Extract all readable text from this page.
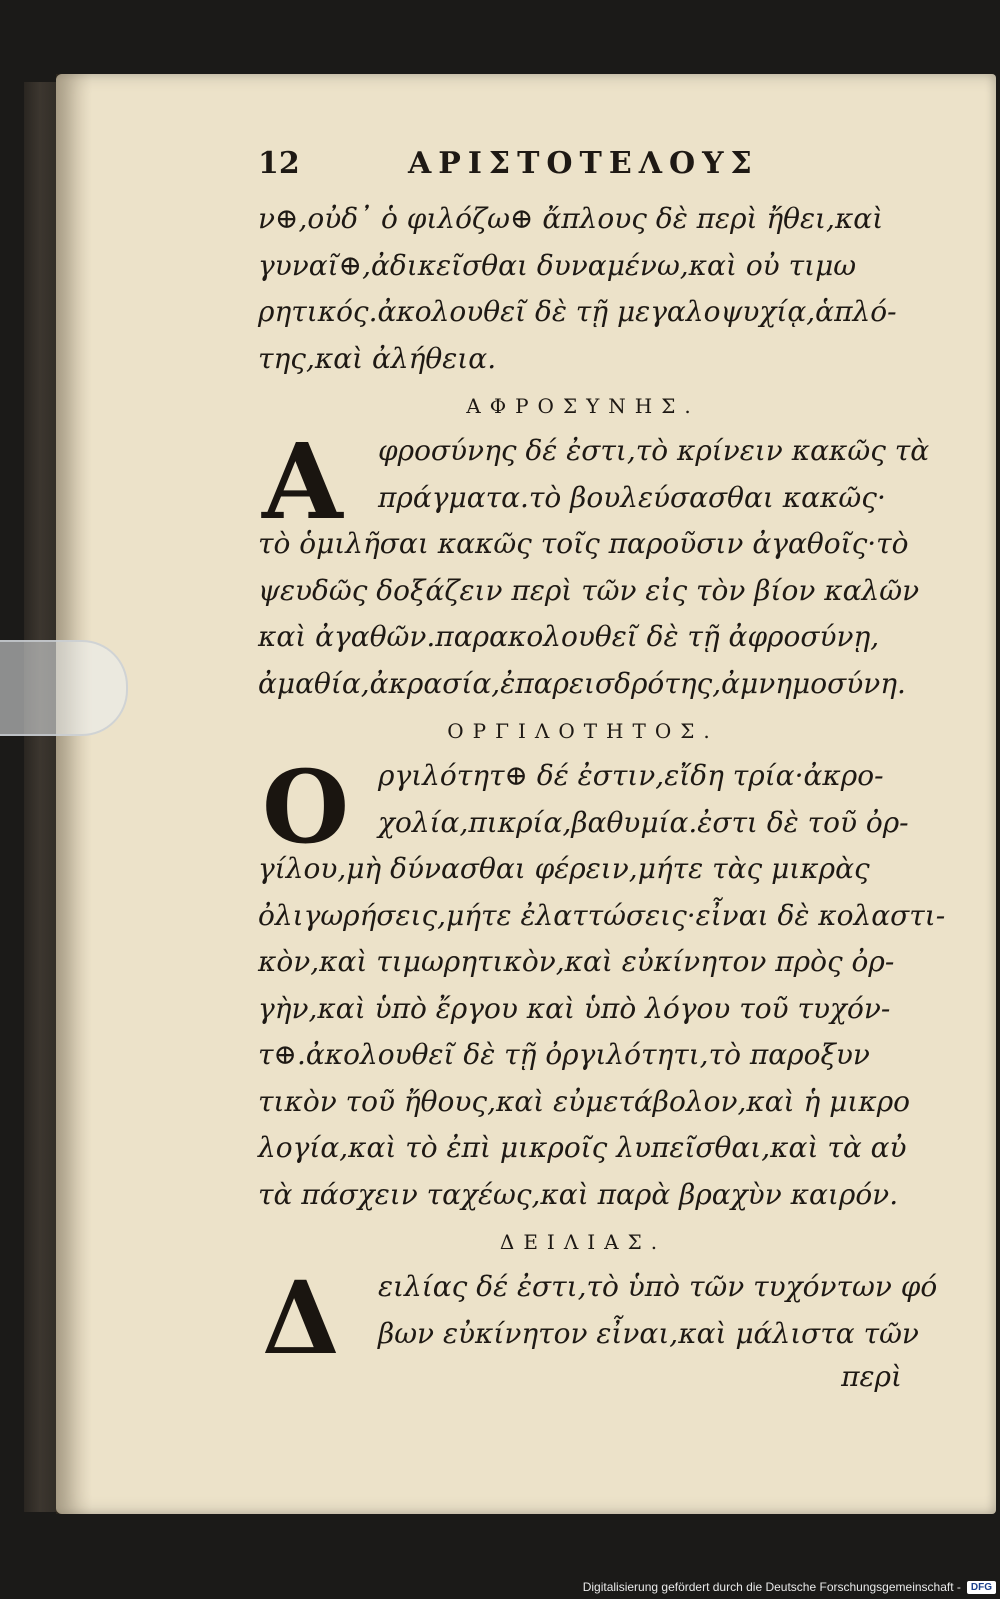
12	ΑΡΙΣΤΟΤΕΛΟΥΣ
ν⊕,οὐδ᾽ ὁ φιλόζω⊕ ἄπλους δὲ περὶ ἤθει,καὶ
γυναῖ⊕,ἀδικεῖσθαι δυναμένω,καὶ οὐ τιμω
ρητικός.ἀκολουθεῖ δὲ τῇ μεγαλοψυχίᾳ,ἁπλό-
της,καὶ ἀλήθεια.
ΑΦΡΟΣΥΝΗΣ.
A	φροσύνης δέ ἐστι,τὸ κρίνειν κακῶς τὰ
πράγματα.τὸ βουλεύσασθαι κακῶς·
τὸ ὁμιλῆσαι κακῶς τοῖς παροῦσιν ἀγαθοῖς·τὸ
ψευδῶς δοξάζειν περὶ τῶν εἰς τὸν βίον καλῶν
καὶ ἀγαθῶν.παρακολουθεῖ δὲ τῇ ἀφροσύνῃ,
ἀμαθία,ἀκρασία,ἐπαρεισδρότης,ἀμνημοσύνη.
ΟΡΓΙΛΟΤΗΤΟΣ.
O	ργιλότητ⊕ δέ ἐστιν,εἴδη τρία·ἀκρο-
χολία,πικρία,βαθυμία.ἐστι δὲ τοῦ ὀρ-
γίλου,μὴ δύνασθαι φέρειν,μήτε τὰς μικρὰς
ὀλιγωρήσεις,μήτε ἐλαττώσεις·εἶναι δὲ κολαστι-
κὸν,καὶ τιμωρητικὸν,καὶ εὐκίνητον πρὸς ὀρ-
γὴν,καὶ ὑπὸ ἔργου καὶ ὑπὸ λόγου τοῦ τυχόν-
τ⊕.ἀκολουθεῖ δὲ τῇ ὀργιλότητι,τὸ παροξυν
τικὸν τοῦ ἤθους,καὶ εὐμετάβολον,καὶ ἡ μικρο
λογία,καὶ τὸ ἐπὶ μικροῖς λυπεῖσθαι,καὶ τὰ αὐ
τὰ πάσχειν ταχέως,καὶ παρὰ βραχὺν καιρόν.
ΔΕΙΛΙΑΣ.
Δ	ειλίας δέ ἐστι,τὸ ὑπὸ τῶν τυχόντων φό
βων εὐκίνητον εἶναι,καὶ μάλιστα τῶν
περὶ
Digitalisierung gefördert durch die Deutsche Forschungsgemeinschaft -	DFG
